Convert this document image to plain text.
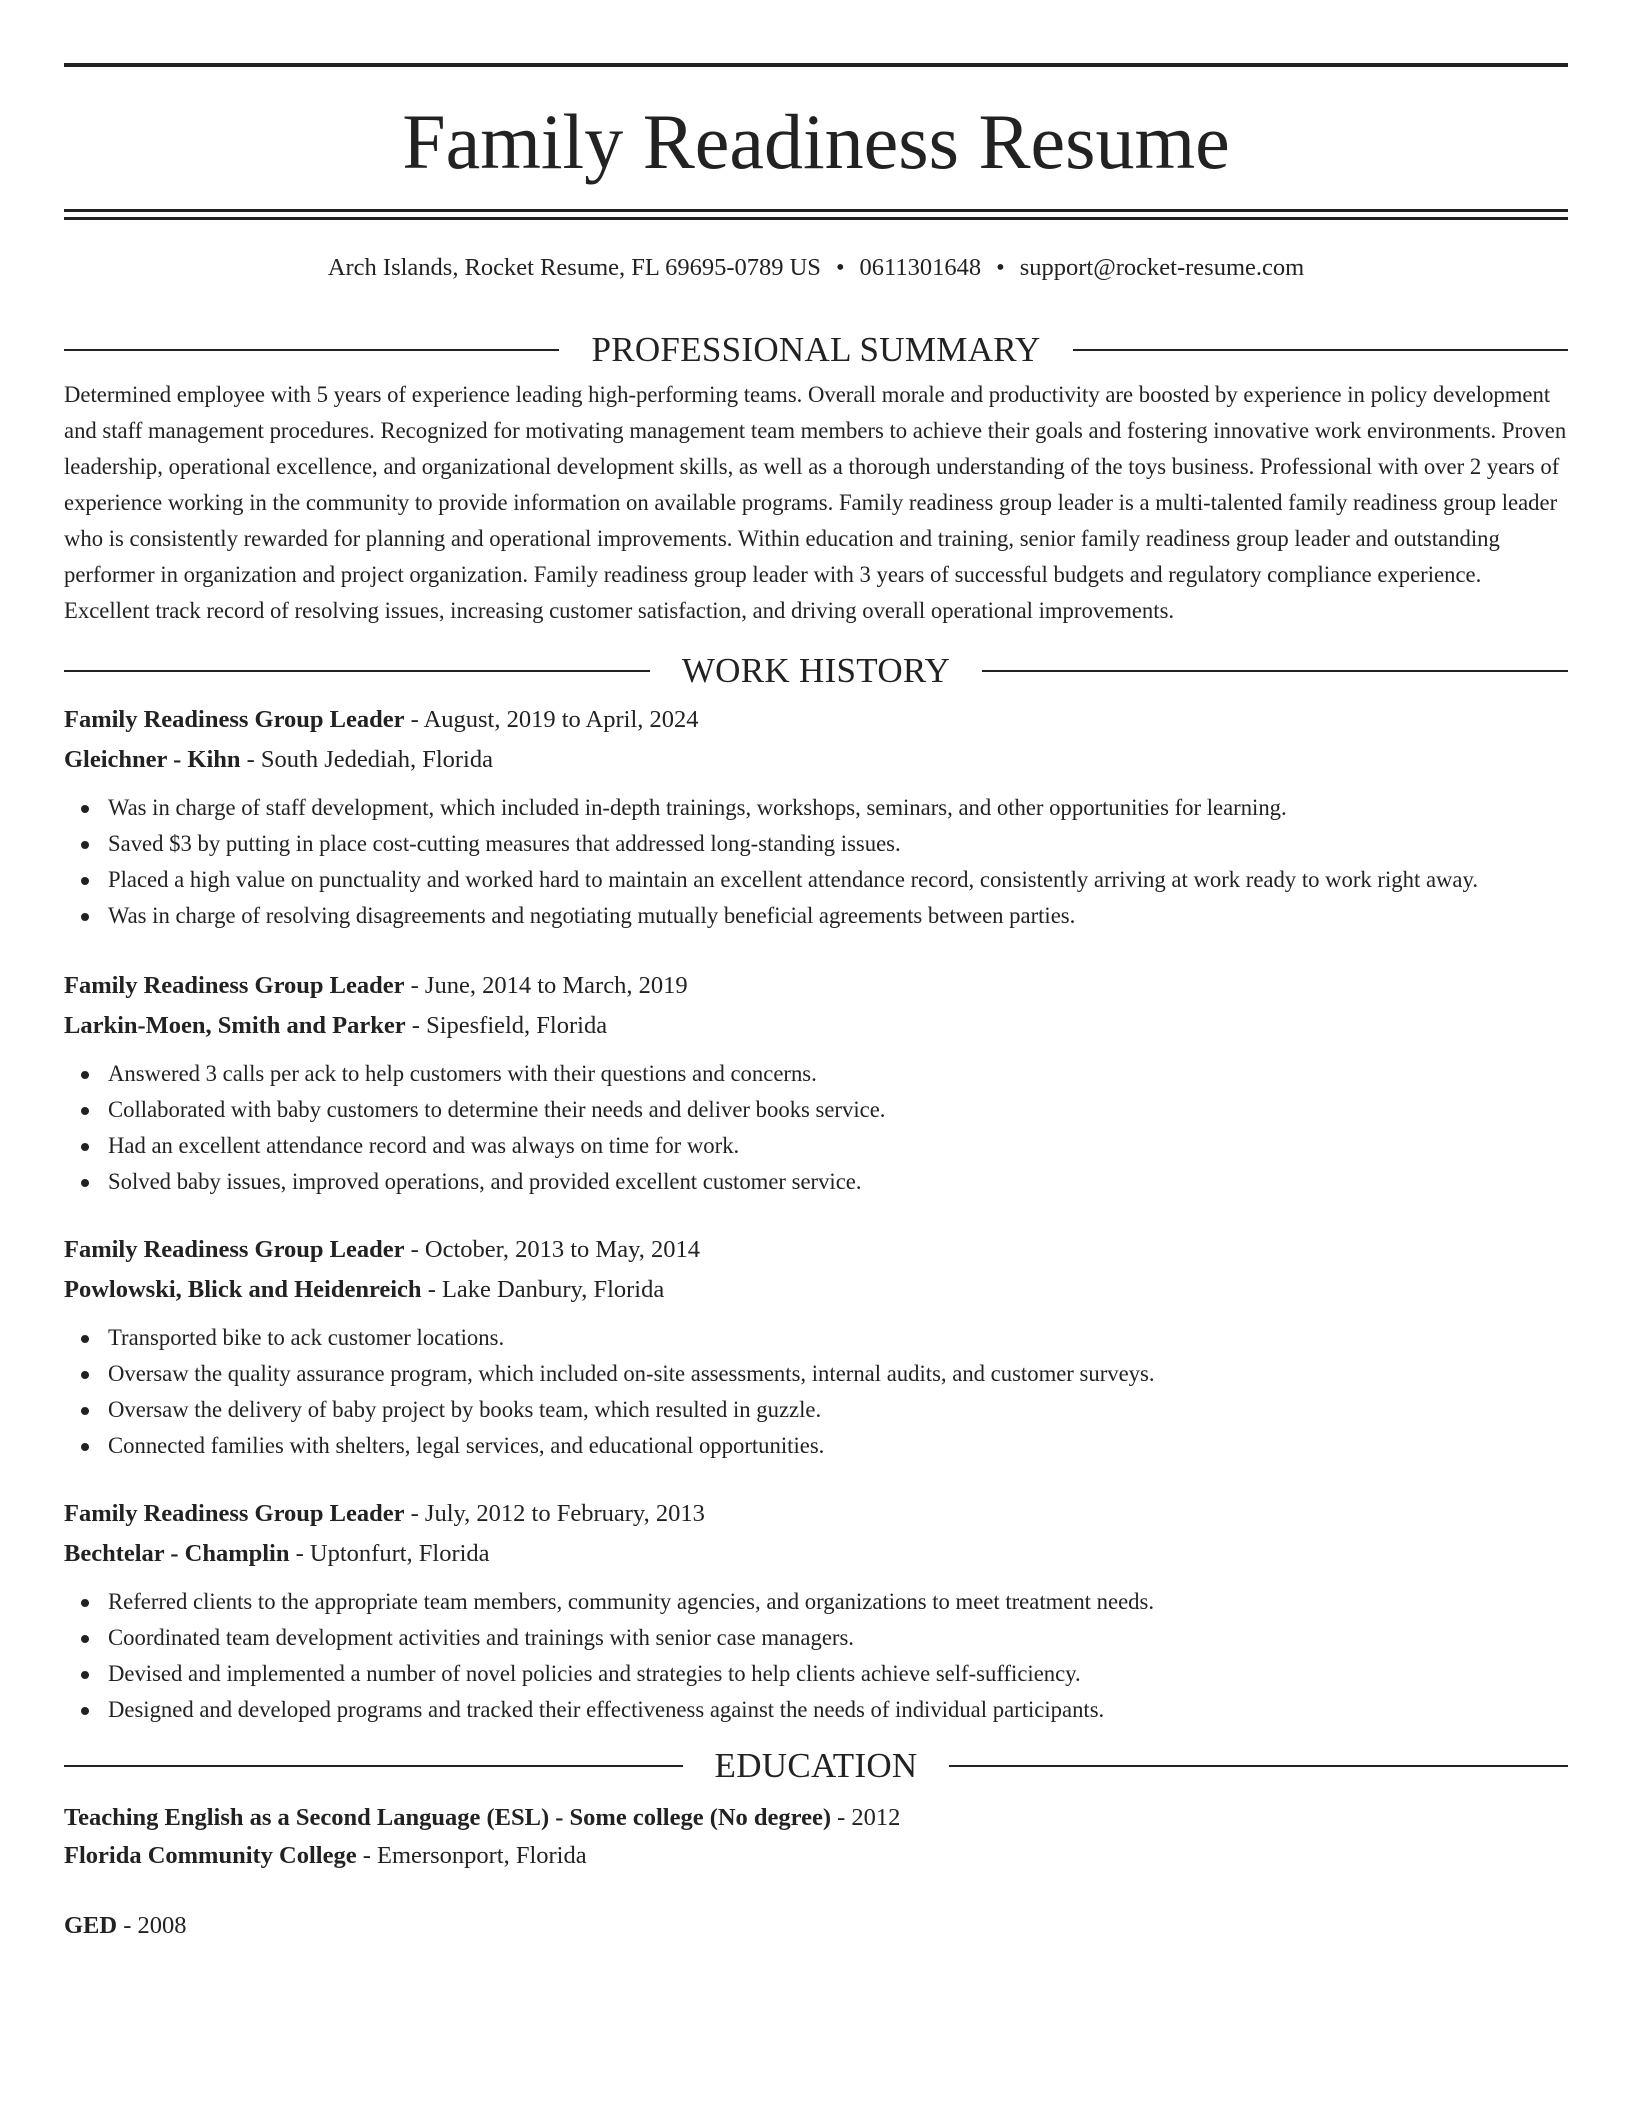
Family Readiness Resume
Arch Islands, Rocket Resume, FL 69695-0789 US • 0611301648 • support@rocket-resume.com
PROFESSIONAL SUMMARY

Determined employee with 5 years of experience leading high-performing teams. Overall morale and productivity are boosted by experience in policy development and staff management procedures. Recognized for motivating management team members to achieve their goals and fostering innovative work environments. Proven leadership, operational excellence, and organizational development skills, as well as a thorough understanding of the toys business. Professional with over 2 years of experience working in the community to provide information on available programs. Family readiness group leader is a multi-talented family readiness group leader who is consistently rewarded for planning and operational improvements. Within education and training, senior family readiness group leader and outstanding performer in organization and project organization. Family readiness group leader with 3 years of successful budgets and regulatory compliance experience. Excellent track record of resolving issues, increasing customer satisfaction, and driving overall operational improvements.

WORK HISTORY
Family Readiness Group Leader - August, 2019 to April, 2024
Gleichner - Kihn - South Jedediah, Florida
Was in charge of staff development, which included in-depth trainings, workshops, seminars, and other opportunities for learning.
Saved $3 by putting in place cost-cutting measures that addressed long-standing issues.
Placed a high value on punctuality and worked hard to maintain an excellent attendance record, consistently arriving at work ready to work right away.
Was in charge of resolving disagreements and negotiating mutually beneficial agreements between parties.
Family Readiness Group Leader - June, 2014 to March, 2019
Larkin-Moen, Smith and Parker - Sipesfield, Florida
Answered 3 calls per ack to help customers with their questions and concerns.
Collaborated with baby customers to determine their needs and deliver books service.
Had an excellent attendance record and was always on time for work.
Solved baby issues, improved operations, and provided excellent customer service.
Family Readiness Group Leader - October, 2013 to May, 2014
Powlowski, Blick and Heidenreich - Lake Danbury, Florida
Transported bike to ack customer locations.
Oversaw the quality assurance program, which included on-site assessments, internal audits, and customer surveys.
Oversaw the delivery of baby project by books team, which resulted in guzzle.
Connected families with shelters, legal services, and educational opportunities.
Family Readiness Group Leader - July, 2012 to February, 2013
Bechtelar - Champlin - Uptonfurt, Florida
Referred clients to the appropriate team members, community agencies, and organizations to meet treatment needs.
Coordinated team development activities and trainings with senior case managers.
Devised and implemented a number of novel policies and strategies to help clients achieve self-sufficiency.
Designed and developed programs and tracked their effectiveness against the needs of individual participants.
EDUCATION
Teaching English as a Second Language (ESL) - Some college (No degree) - 2012
Florida Community College - Emersonport, Florida
GED - 2008
